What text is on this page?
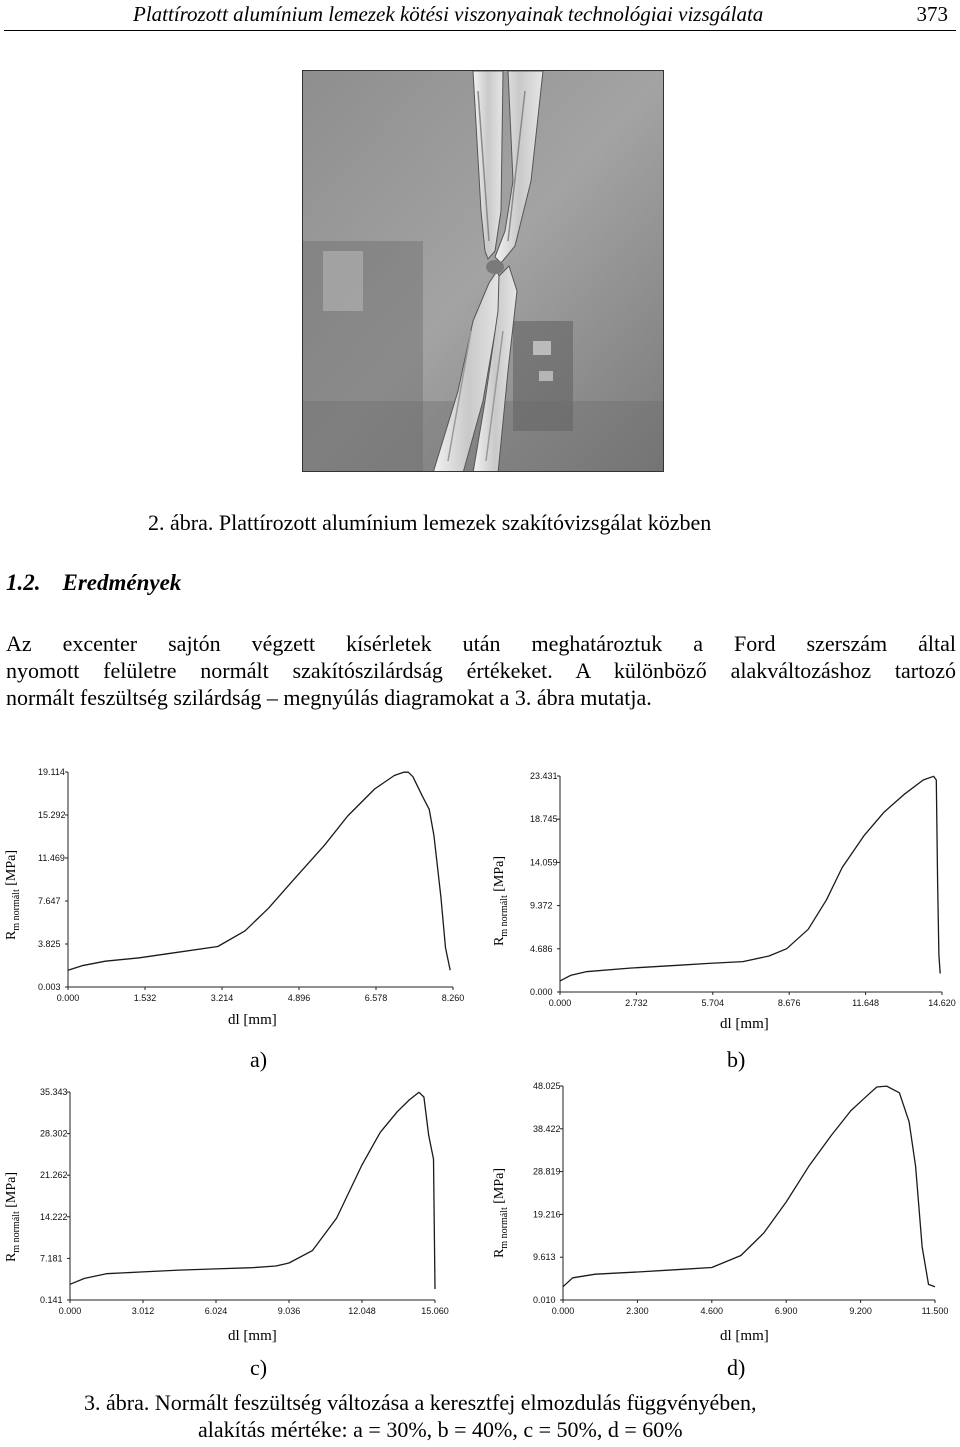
Plattírozott alumínium lemezek kötési viszonyainak technológiai vizsgálata	373
2. ábra. Plattírozott alumínium lemezek szakítóvizsgálat közben
1.2. Eredmények

Az excenter sajtón végzett kísérletek után meghatároztuk a Ford szerszám által

nyomott felületre normált szakítószilárdság értékeket. A különböző alakváltozáshoz tartozó

normált feszültség szilárdság – megnyúlás diagramokat a 3. ábra mutatja.

0.003
3.825
7.647
11.469
15.292
19.114
0.000	1.532	3.214	4.896	6.578	8.260
$R_{m normált}$ [MPa]
dl [mm]
0.000
4.686
9.372
14.059
18.745
23.431
0.000	2.732	5.704	8.676	11.648	14.620
$R_{m normált}$ [MPa]
dl [mm]
0.141
7.181
14.222
21.262
28.302
35.343
0.000	3.012	6.024	9.036	12.048	15.060
$R_{m normált}$ [MPa]
dl [mm]
0.010
9.613
19.216
28.819
38.422
48.025
0.000	2.300	4.600	6.900	9.200	11.500
$R_{m normált}$ [MPa]
dl [mm]
a)	b)
c)	d)
3. ábra. Normált feszültség változása a keresztfej elmozdulás függvényében,
alakítás mértéke: a = 30%, b = 40%, c = 50%, d = 60%
